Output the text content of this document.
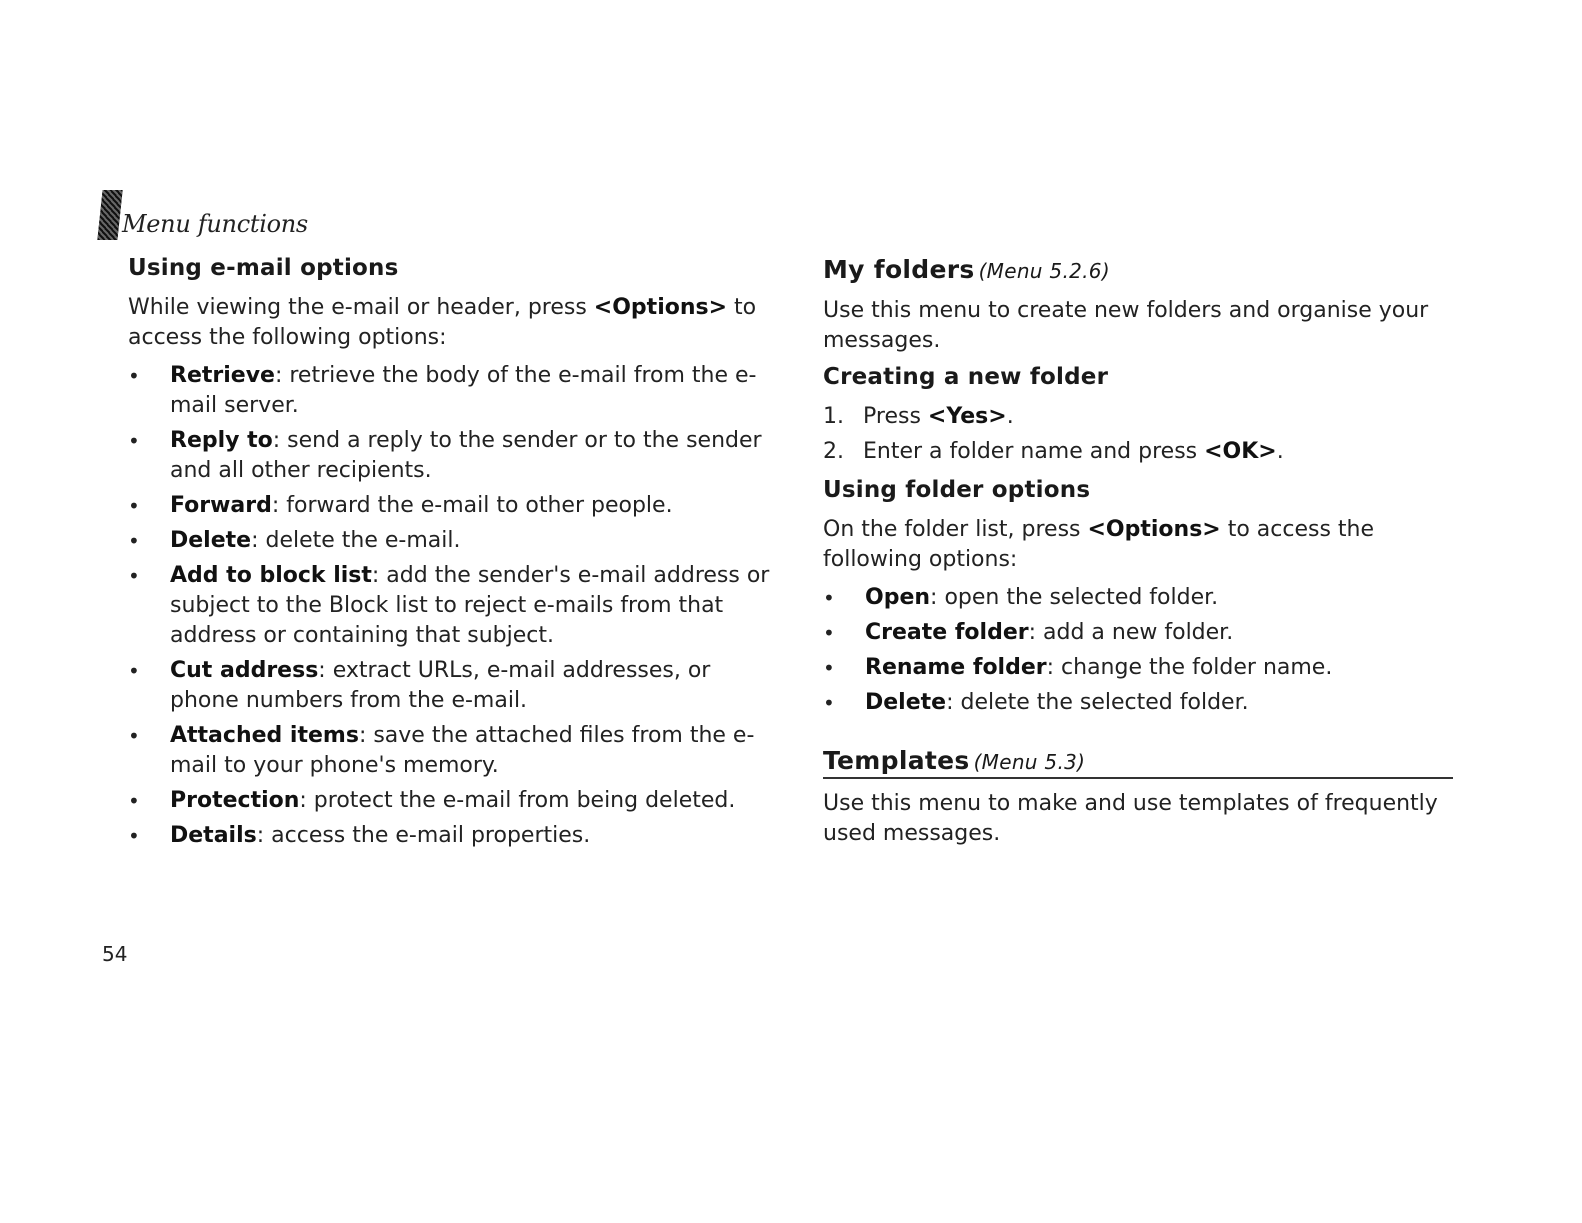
Menu functions
Using e-mail options

While viewing the e-mail or header, press <Options> to access the following options:

• Retrieve: retrieve the body of the e-mail from the e-mail server.
• Reply to: send a reply to the sender or to the sender and all other recipients.
• Forward: forward the e-mail to other people.
• Delete: delete the e-mail.
• Add to block list: add the sender's e-mail address or subject to the Block list to reject e-mails from that address or containing that subject.
• Cut address: extract URLs, e-mail addresses, or phone numbers from the e-mail.
• Attached items: save the attached files from the e-mail to your phone's memory.
• Protection: protect the e-mail from being deleted.
• Details: access the e-mail properties.
My folders (Menu 5.2.6)

Use this menu to create new folders and organise your messages.

Creating a new folder
1. Press <Yes>.
2. Enter a folder name and press <OK>.
Using folder options

On the folder list, press <Options> to access the following options:

• Open: open the selected folder.
• Create folder: add a new folder.
• Rename folder: change the folder name.
• Delete: delete the selected folder.
Templates (Menu 5.3)

Use this menu to make and use templates of frequently used messages.

54
